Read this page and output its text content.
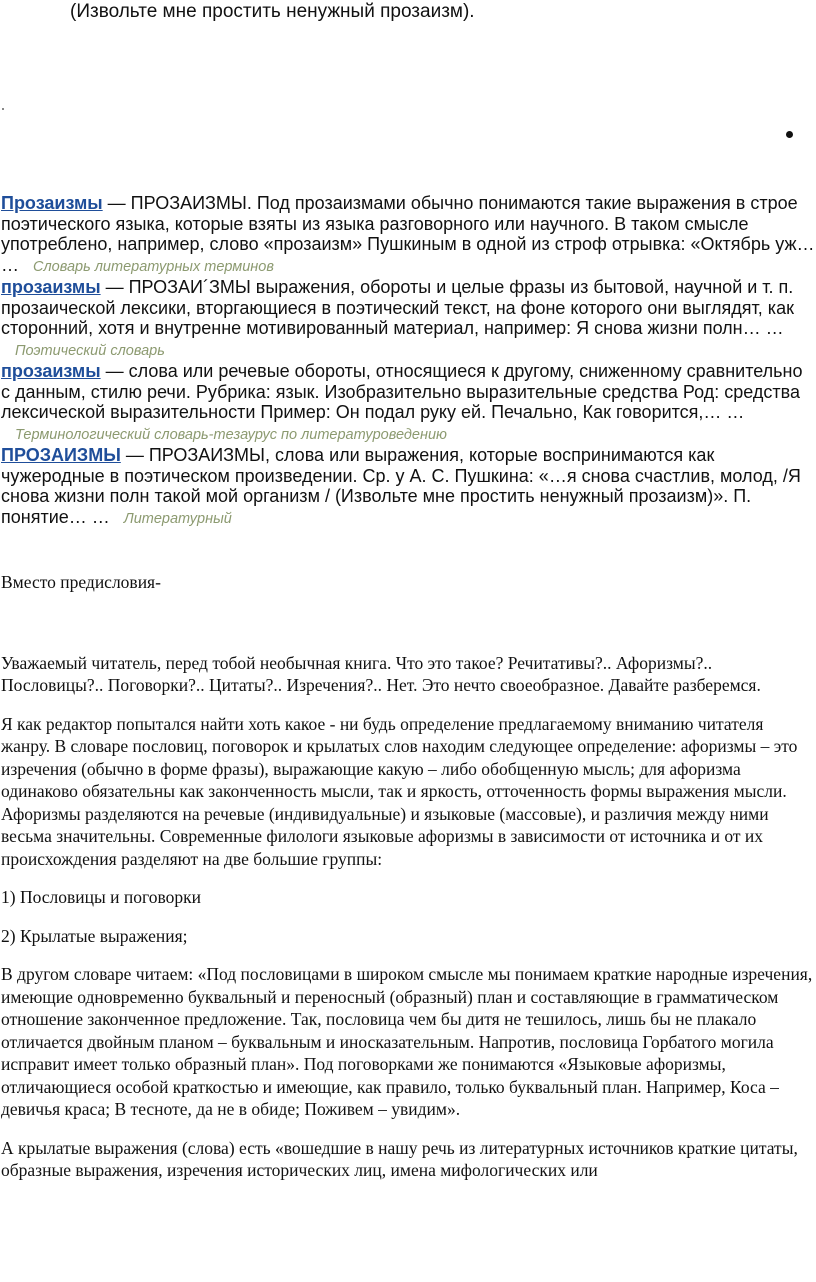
(Извольте мне простить ненужный прозаизм).

Прозаизмы — ПРОЗАИЗМЫ. Под прозаизмами обычно понимаются такие выражения в строе поэтического языка, которые взяты из языка разговорного или научного. В таком смысле употреблено, например, слово «прозаизм» Пушкиным в одной из строф отрывка: «Октябрь уж… … Словарь литературных терминов

прозаизмы — ПРОЗАИ´ЗМЫ выражения, обороты и целые фразы из бытовой, научной и т. п. прозаической лексики, вторгающиеся в поэтический текст, на фоне которого они выглядят, как сторонний, хотя и внутренне мотивированный материал, например: Я снова жизни полн… …Поэтический словарь

прозаизмы — слова или речевые обороты, относящиеся к другому, сниженному сравнительно с данным, стилю речи. Рубрика: язык. Изобразительно выразительные средства Род: средства лексической выразительности Пример: Он подал руку ей. Печально, Как говорится,… …Терминологический словарь-тезаурус по литературоведению

ПРОЗАИЗМЫ — ПРОЗАИЗМЫ, слова или выражения, которые воспринимаются как чужеродные в поэтическом произведении. Ср. у А. С. Пушкина: «…я снова счастлив, молод, /Я снова жизни полн такой мой организм / (Извольте мне простить ненужный прозаизм)». П. понятие… … Литературный

Вместо предисловия-

Уважаемый читатель, перед тобой необычная книга. Что это такое? Речитативы?.. Афоризмы?.. Пословицы?.. Поговорки?.. Цитаты?.. Изречения?.. Нет. Это нечто своеобразное. Давайте разберемся.

Я как редактор попытался найти хоть какое - ни будь определение предлагаемому вниманию читателя жанру. В словаре пословиц, поговорок и крылатых слов находим следующее определение: афоризмы – это изречения (обычно в форме фразы), выражающие какую – либо обобщенную мысль; для афоризма одинаково обязательны как законченность мысли, так и яркость, отточенность формы выражения мысли. Афоризмы разделяются на речевые (индивидуальные) и языковые (массовые), и различия между ними весьма значительны. Современные филологи языковые афоризмы в зависимости от источника и от их происхождения разделяют на две большие группы:

1) Пословицы и поговорки

2) Крылатые выражения;

В другом словаре читаем: «Под пословицами в широком смысле мы понимаем краткие народные изречения, имеющие одновременно буквальный и переносный (образный) план и составляющие в грамматическом отношение законченное предложение. Так, пословица чем бы дитя не тешилось, лишь бы не плакало отличается двойным планом – буквальным и иносказательным. Напротив, пословица Горбатого могила исправит имеет только образный план». Под поговорками же понимаются «Языковые афоризмы, отличающиеся особой краткостью и имеющие, как правило, только буквальный план. Например, Коса – девичья краса; В тесноте, да не в обиде; Поживем – увидим».

А крылатые выражения (слова) есть «вошедшие в нашу речь из литературных источников краткие цитаты, образные выражения, изречения исторических лиц, имена мифологических или
